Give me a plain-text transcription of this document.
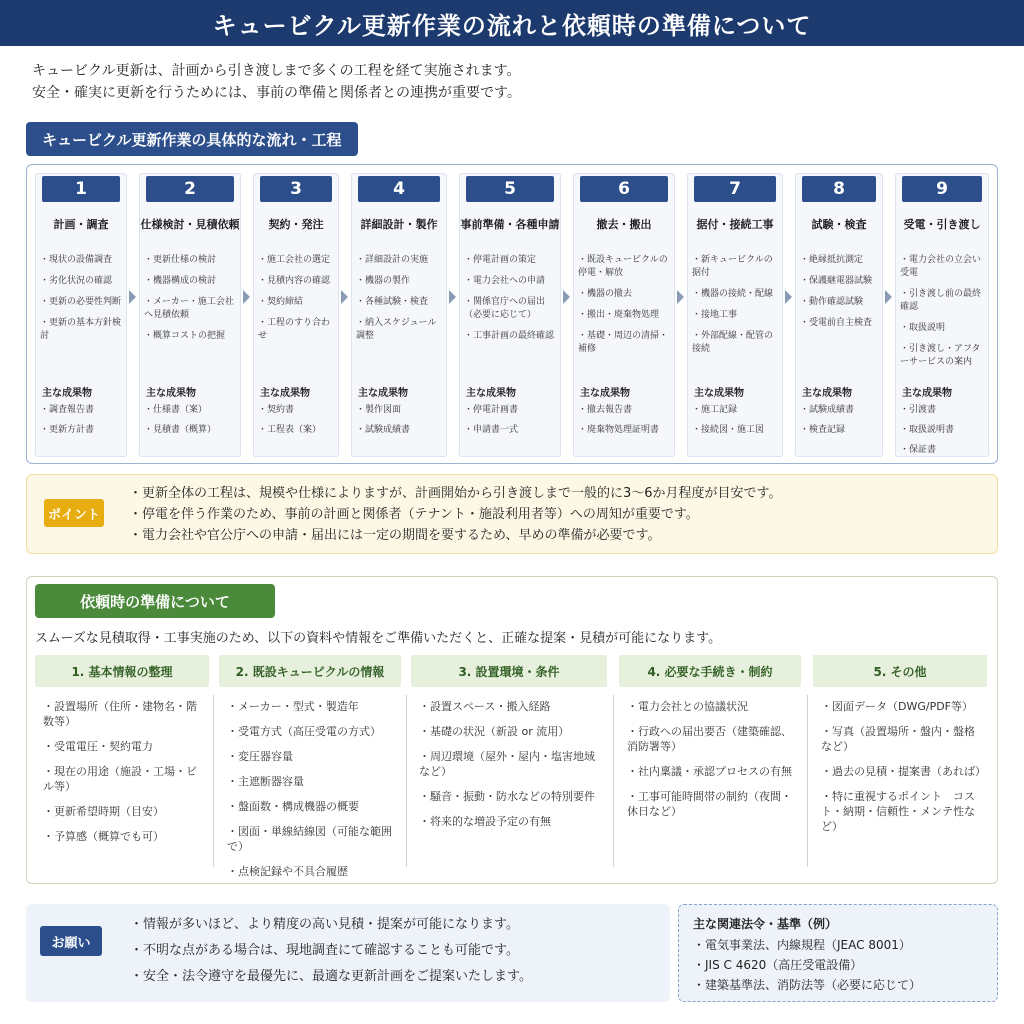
キュービクル更新作業の流れと依頼時の準備について
キュービクル更新は、計画から引き渡しまで多くの工程を経て実施されます。
安全・確実に更新を行うためには、事前の準備と関係者との連携が重要です。
キュービクル更新作業の具体的な流れ・工程
1
計画・調査
・現状の設備調査
・劣化状況の確認
・更新の必要性判断
・更新の基本方針検討
主な成果物
・調査報告書
・更新方計書
2
仕様検討・見積依頼
・更新仕様の検討
・機器構成の検討
・メーカー・施工会社へ見積依頼
・概算コストの把握
主な成果物
・仕様書（案）
・見積書（概算）
3
契約・発注
・施工会社の選定
・見積内容の確認
・契約締結
・工程のすり合わせ
主な成果物
・契約書
・工程表（案）
4
詳細設計・製作
・詳細設計の実施
・機器の製作
・各種試験・検査
・納入スケジュール調整
主な成果物
・製作図面
・試験成績書
5
事前準備・各種申請
・停電計画の策定
・電力会社への申請
・関係官庁への届出（必要に応じて）
・工事計画の最終確認
主な成果物
・停電計画書
・申請書一式
6
撤去・搬出
・既設キュービクルの停電・解放
・機器の撤去
・搬出・廃棄物処理
・基礎・周辺の清掃・補修
主な成果物
・撤去報告書
・廃棄物処理証明書
7
据付・接続工事
・新キュービクルの据付
・機器の接続・配線
・接地工事
・外部配線・配管の接続
主な成果物
・施工記録
・接続図・施工図
8
試験・検査
・絶縁抵抗測定
・保護継電器試験
・動作確認試験
・受電前自主検査
主な成果物
・試験成績書
・検査記録
9
受電・引き渡し
・電力会社の立会い受電
・引き渡し前の最終確認
・取扱説明
・引き渡し・アフターサービスの案内
主な成果物
・引渡書
・取扱説明書
・保証書
ポイント
・更新全体の工程は、規模や仕様によりますが、計画開始から引き渡しまで一般的に3〜6か月程度が目安です。
・停電を伴う作業のため、事前の計画と関係者（テナント・施設利用者等）への周知が重要です。
・電力会社や官公庁への申請・届出には一定の期間を要するため、早めの準備が必要です。
依頼時の準備について
スムーズな見積取得・工事実施のため、以下の資料や情報をご準備いただくと、正確な提案・見積が可能になります。
1. 基本情報の整理
・設置場所（住所・建物名・階数等）
・受電電圧・契約電力
・現在の用途（施設・工場・ビル等）
・更新希望時期（目安）
・予算感（概算でも可）
2. 既設キュービクルの情報
・メーカー・型式・製造年
・受電方式（高圧受電の方式）
・変圧器容量
・主遮断器容量
・盤面数・構成機器の概要
・図面・単線結線図（可能な範囲で）
・点検記録や不具合履歴
3. 設置環境・条件
・設置スペース・搬入経路
・基礎の状況（新設 or 流用）
・周辺環境（屋外・屋内・塩害地域など）
・騒音・振動・防水などの特別要件
・将来的な増設予定の有無
4. 必要な手続き・制約
・電力会社との協議状況
・行政への届出要否（建築確認、消防署等）
・社内稟議・承認プロセスの有無
・工事可能時間帯の制約（夜間・休日など）
5. その他
・図面データ（DWG/PDF等）
・写真（設置場所・盤内・盤格など）
・過去の見積・提案書（あれば）
・特に重視するポイント　コスト・納期・信頼性・メンテ性など）
お願い
・情報が多いほど、より精度の高い見積・提案が可能になります。
・不明な点がある場合は、現地調査にて確認することも可能です。
・安全・法令遵守を最優先に、最適な更新計画をご提案いたします。
主な関連法令・基準（例）
・電気事業法、内線規程（JEAC 8001）
・JIS C 4620（高圧受電設備）
・建築基準法、消防法等（必要に応じて）
